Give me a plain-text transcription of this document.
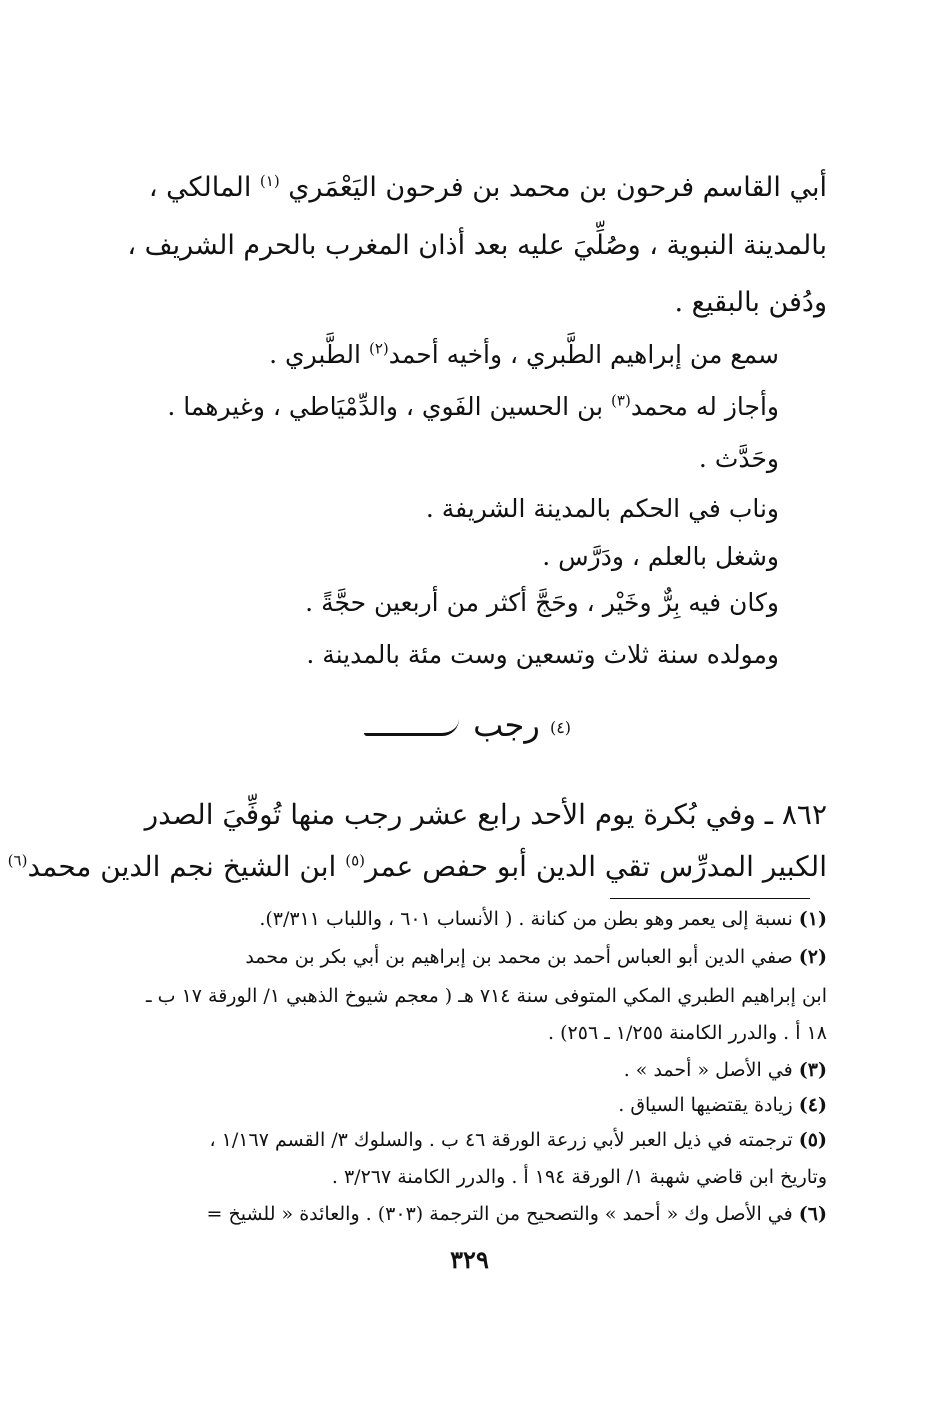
أبي القاسم فرحون بن محمد بن فرحون اليَعْمَري $^{(١)}$ المالكي ،
بالمدينة النبوية ، وصُلِّيَ عليه بعد أذان المغرب بالحرم الشريف ،
ودُفن بالبقيع .
سمع من إبراهيم الطَّبري ، وأخيه أحمد$^{(٢)}$ الطَّبري .
وأجاز له محمد$^{(٣)}$ بن الحسين الفَوي ، والدِّمْيَاطي ، وغيرهما .
وحَدَّث .
وناب في الحكم بالمدينة الشريفة .
وشغل بالعلم ، ودَرَّس .
وكان فيه بِرٌّ وخَيْر ، وحَجَّ أكثر من أربعين حجَّةً .
ومولده سنة ثلاث وتسعين وست مئة بالمدينة .
(٤) رجب
٨٦٢ ـ وفي بُكرة يوم الأحد رابع عشر رجب منها تُوفِّيَ الصدر
الكبير المدرِّس تقي الدين أبو حفص عمر$^{(٥)}$ ابن الشيخ نجم الدين محمد$^{(٦)}$
(١) نسبة إلى يعمر وهو بطن من كنانة . ( الأنساب ٦٠١ ، واللباب ٣/٣١١).
(٢) صفي الدين أبو العباس أحمد بن محمد بن إبراهيم بن أبي بكر بن محمد
ابن إبراهيم الطبري المكي المتوفى سنة ٧١٤ هـ ( معجم شيوخ الذهبي ١/ الورقة ١٧ ب ـ
١٨ أ . والدرر الكامنة ١/٢٥٥ ـ ٢٥٦) .
(٣) في الأصل « أحمد » .
(٤) زيادة يقتضيها السياق .
(٥) ترجمته في ذيل العبر لأبي زرعة الورقة ٤٦ ب . والسلوك ٣/ القسم ١/١٦٧ ،
وتاريخ ابن قاضي شهبة ١/ الورقة ١٩٤ أ . والدرر الكامنة ٣/٢٦٧ .
(٦) في الأصل وك « أحمد » والتصحيح من الترجمة (٣٠٣) . والعائدة « للشيخ =
٣٢٩
